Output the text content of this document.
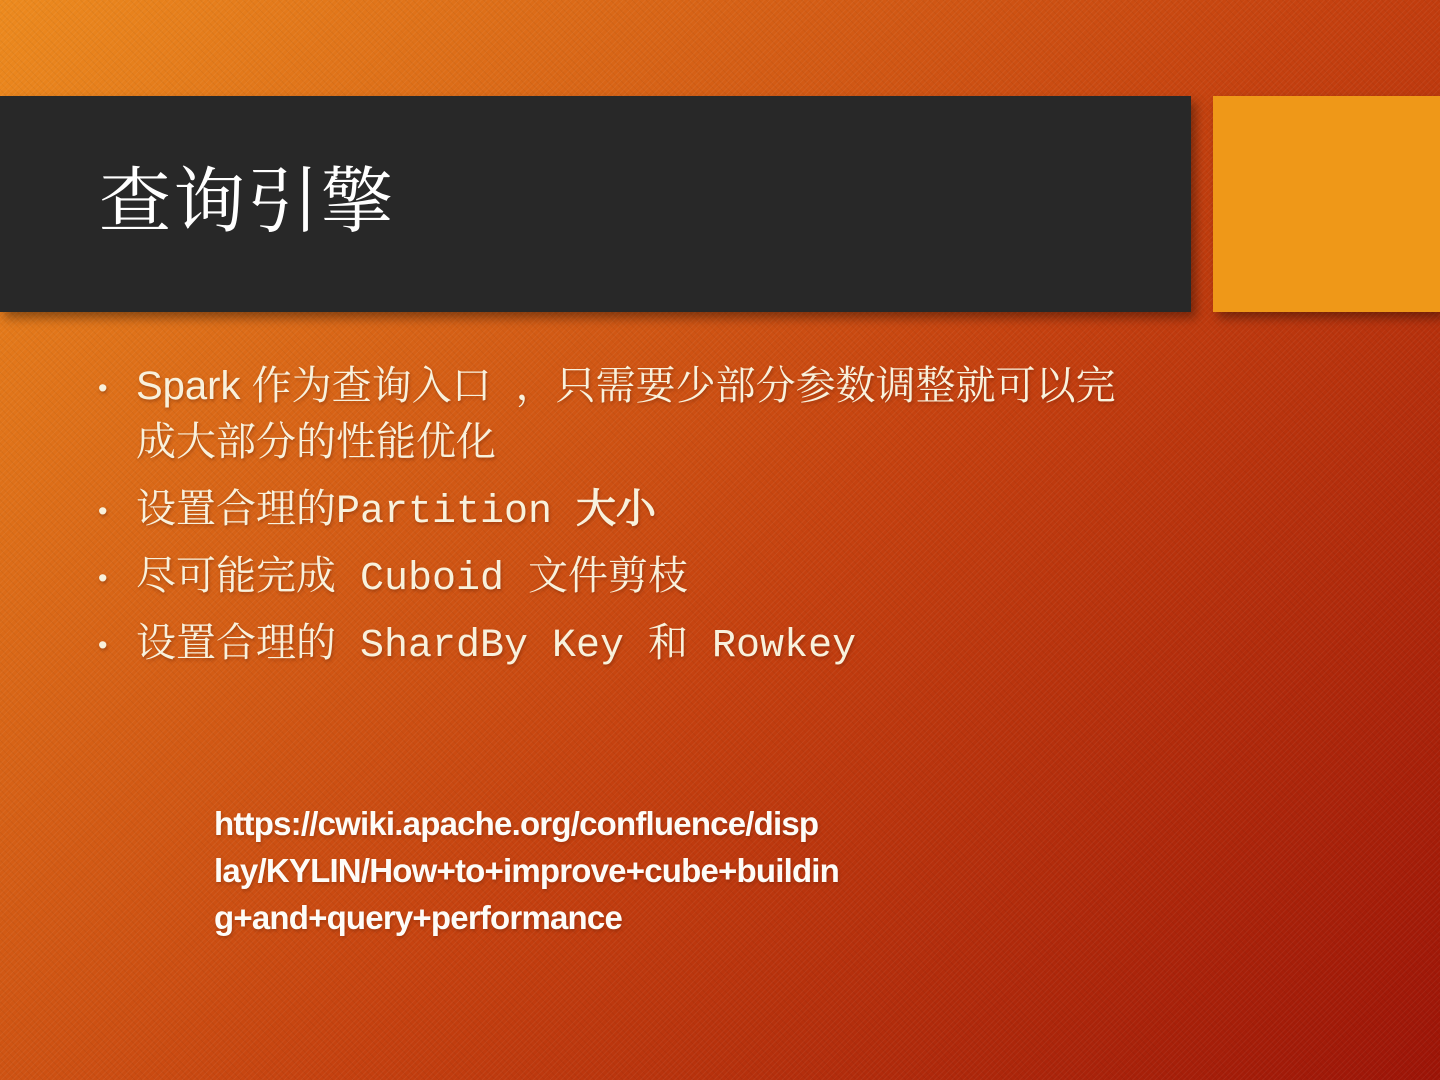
查询引擎
• Spark 作为查询入口 ，只需要少部分参数调整就可以完成大部分的性能优化
• 设置合理的Partition 大小
• 尽可能完成 Cuboid 文件剪枝
• 设置合理的 ShardBy Key 和 Rowkey
https://cwiki.apache.org/confluence/disp
lay/KYLIN/How+to+improve+cube+buildin
g+and+query+performance
